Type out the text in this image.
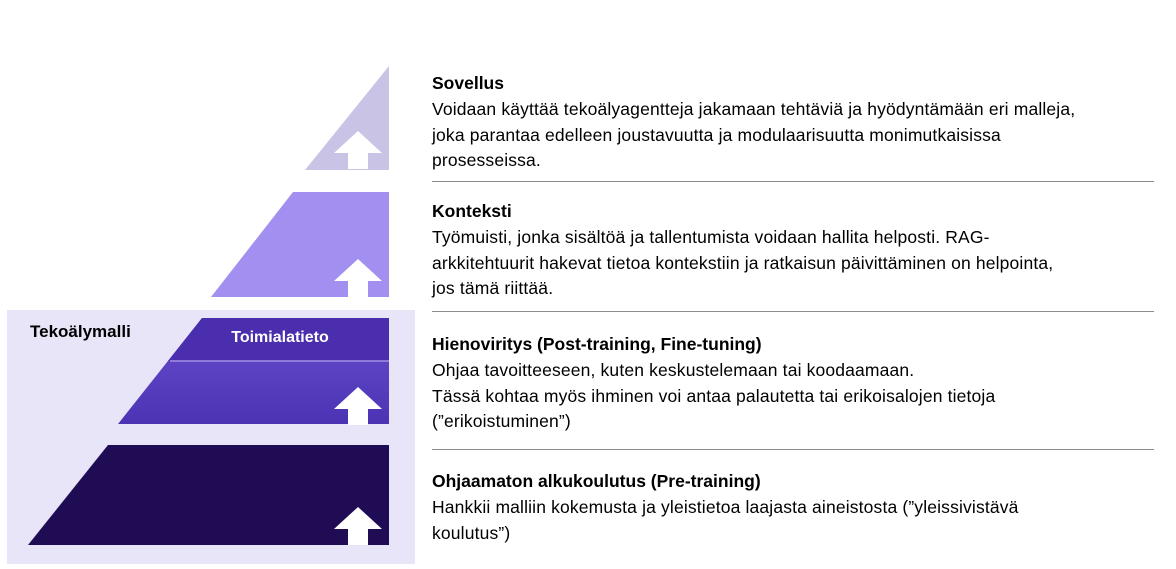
Tekoälymalli	Toimialatieto
Sovellus
Voidaan käyttää tekoälyagentteja jakamaan tehtäviä ja hyödyntämään eri malleja,
joka parantaa edelleen joustavuutta ja modulaarisuutta monimutkaisissa
prosesseissa.
Konteksti
Työmuisti, jonka sisältöä ja tallentumista voidaan hallita helposti. RAG-
arkkitehtuurit hakevat tietoa kontekstiin ja ratkaisun päivittäminen on helpointa,
jos tämä riittää.
Hienoviritys (Post-training, Fine-tuning)
Ohjaa tavoitteeseen, kuten keskustelemaan tai koodaamaan.
Tässä kohtaa myös ihminen voi antaa palautetta tai erikoisalojen tietoja
(”erikoistuminen”)
Ohjaamaton alkukoulutus (Pre-training)
Hankkii malliin kokemusta ja yleistietoa laajasta aineistosta (”yleissivistävä
koulutus”)
